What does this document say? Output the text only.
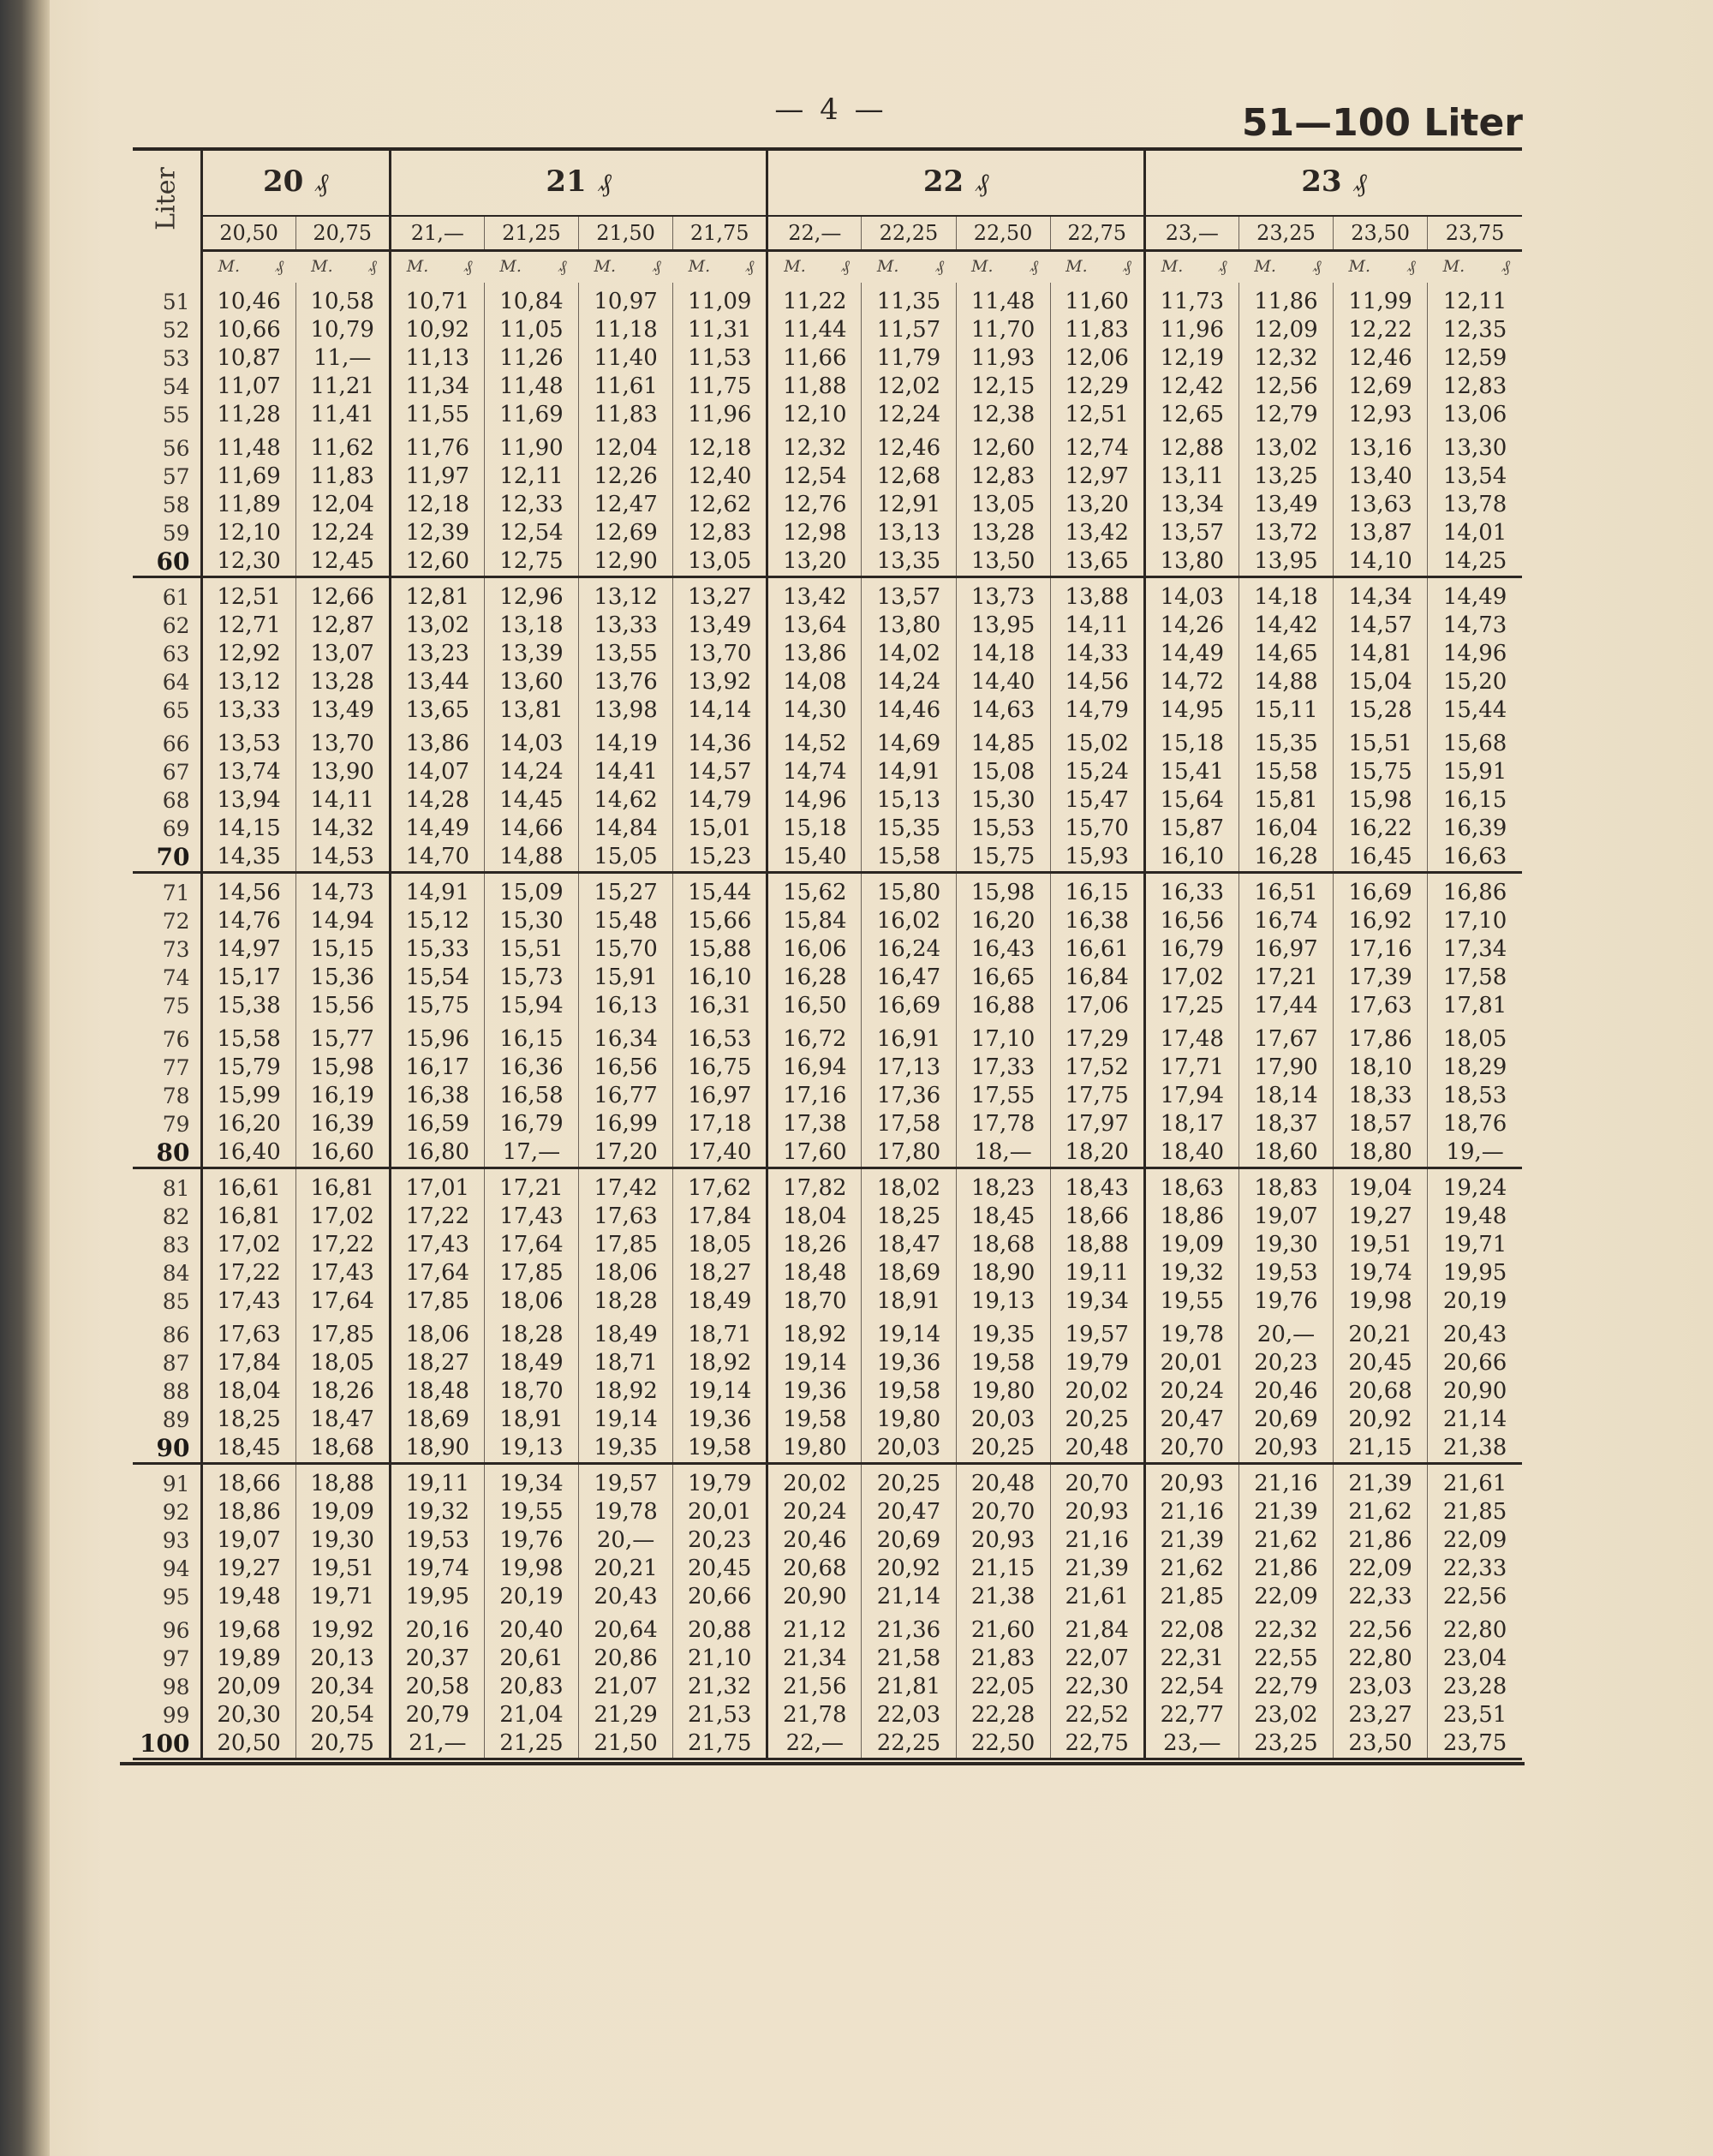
— 4 —	51—100 Liter
Liter	20 ₰		21 ₰				22 ₰				23 ₰			
	20,50	20,75	21,—	21,25	21,50	21,75	22,—	22,25	22,50	22,75	23,—	23,25	23,50	23,75

	M. ₰	M. ₰	M. ₰	M. ₰	M. ₰	M. ₰	M. ₰	M. ₰	M. ₰	M. ₰	M. ₰	M. ₰	M. ₰	M. ₰

51	10,46	10,58	10,71	10,84	10,97	11,09	11,22	11,35	11,48	11,60	11,73	11,86	11,99	12,11
52	10,66	10,79	10,92	11,05	11,18	11,31	11,44	11,57	11,70	11,83	11,96	12,09	12,22	12,35
53	10,87	11,—	11,13	11,26	11,40	11,53	11,66	11,79	11,93	12,06	12,19	12,32	12,46	12,59
54	11,07	11,21	11,34	11,48	11,61	11,75	11,88	12,02	12,15	12,29	12,42	12,56	12,69	12,83
55	11,28	11,41	11,55	11,69	11,83	11,96	12,10	12,24	12,38	12,51	12,65	12,79	12,93	13,06
56	11,48	11,62	11,76	11,90	12,04	12,18	12,32	12,46	12,60	12,74	12,88	13,02	13,16	13,30
57	11,69	11,83	11,97	12,11	12,26	12,40	12,54	12,68	12,83	12,97	13,11	13,25	13,40	13,54
58	11,89	12,04	12,18	12,33	12,47	12,62	12,76	12,91	13,05	13,20	13,34	13,49	13,63	13,78
59	12,10	12,24	12,39	12,54	12,69	12,83	12,98	13,13	13,28	13,42	13,57	13,72	13,87	14,01
60	12,30	12,45	12,60	12,75	12,90	13,05	13,20	13,35	13,50	13,65	13,80	13,95	14,10	14,25
61	12,51	12,66	12,81	12,96	13,12	13,27	13,42	13,57	13,73	13,88	14,03	14,18	14,34	14,49
62	12,71	12,87	13,02	13,18	13,33	13,49	13,64	13,80	13,95	14,11	14,26	14,42	14,57	14,73
63	12,92	13,07	13,23	13,39	13,55	13,70	13,86	14,02	14,18	14,33	14,49	14,65	14,81	14,96
64	13,12	13,28	13,44	13,60	13,76	13,92	14,08	14,24	14,40	14,56	14,72	14,88	15,04	15,20
65	13,33	13,49	13,65	13,81	13,98	14,14	14,30	14,46	14,63	14,79	14,95	15,11	15,28	15,44
66	13,53	13,70	13,86	14,03	14,19	14,36	14,52	14,69	14,85	15,02	15,18	15,35	15,51	15,68
67	13,74	13,90	14,07	14,24	14,41	14,57	14,74	14,91	15,08	15,24	15,41	15,58	15,75	15,91
68	13,94	14,11	14,28	14,45	14,62	14,79	14,96	15,13	15,30	15,47	15,64	15,81	15,98	16,15
69	14,15	14,32	14,49	14,66	14,84	15,01	15,18	15,35	15,53	15,70	15,87	16,04	16,22	16,39
70	14,35	14,53	14,70	14,88	15,05	15,23	15,40	15,58	15,75	15,93	16,10	16,28	16,45	16,63
71	14,56	14,73	14,91	15,09	15,27	15,44	15,62	15,80	15,98	16,15	16,33	16,51	16,69	16,86
72	14,76	14,94	15,12	15,30	15,48	15,66	15,84	16,02	16,20	16,38	16,56	16,74	16,92	17,10
73	14,97	15,15	15,33	15,51	15,70	15,88	16,06	16,24	16,43	16,61	16,79	16,97	17,16	17,34
74	15,17	15,36	15,54	15,73	15,91	16,10	16,28	16,47	16,65	16,84	17,02	17,21	17,39	17,58
75	15,38	15,56	15,75	15,94	16,13	16,31	16,50	16,69	16,88	17,06	17,25	17,44	17,63	17,81
76	15,58	15,77	15,96	16,15	16,34	16,53	16,72	16,91	17,10	17,29	17,48	17,67	17,86	18,05
77	15,79	15,98	16,17	16,36	16,56	16,75	16,94	17,13	17,33	17,52	17,71	17,90	18,10	18,29
78	15,99	16,19	16,38	16,58	16,77	16,97	17,16	17,36	17,55	17,75	17,94	18,14	18,33	18,53
79	16,20	16,39	16,59	16,79	16,99	17,18	17,38	17,58	17,78	17,97	18,17	18,37	18,57	18,76
80	16,40	16,60	16,80	17,—	17,20	17,40	17,60	17,80	18,—	18,20	18,40	18,60	18,80	19,—
81	16,61	16,81	17,01	17,21	17,42	17,62	17,82	18,02	18,23	18,43	18,63	18,83	19,04	19,24
82	16,81	17,02	17,22	17,43	17,63	17,84	18,04	18,25	18,45	18,66	18,86	19,07	19,27	19,48
83	17,02	17,22	17,43	17,64	17,85	18,05	18,26	18,47	18,68	18,88	19,09	19,30	19,51	19,71
84	17,22	17,43	17,64	17,85	18,06	18,27	18,48	18,69	18,90	19,11	19,32	19,53	19,74	19,95
85	17,43	17,64	17,85	18,06	18,28	18,49	18,70	18,91	19,13	19,34	19,55	19,76	19,98	20,19
86	17,63	17,85	18,06	18,28	18,49	18,71	18,92	19,14	19,35	19,57	19,78	20,—	20,21	20,43
87	17,84	18,05	18,27	18,49	18,71	18,92	19,14	19,36	19,58	19,79	20,01	20,23	20,45	20,66
88	18,04	18,26	18,48	18,70	18,92	19,14	19,36	19,58	19,80	20,02	20,24	20,46	20,68	20,90
89	18,25	18,47	18,69	18,91	19,14	19,36	19,58	19,80	20,03	20,25	20,47	20,69	20,92	21,14
90	18,45	18,68	18,90	19,13	19,35	19,58	19,80	20,03	20,25	20,48	20,70	20,93	21,15	21,38
91	18,66	18,88	19,11	19,34	19,57	19,79	20,02	20,25	20,48	20,70	20,93	21,16	21,39	21,61
92	18,86	19,09	19,32	19,55	19,78	20,01	20,24	20,47	20,70	20,93	21,16	21,39	21,62	21,85
93	19,07	19,30	19,53	19,76	20,—	20,23	20,46	20,69	20,93	21,16	21,39	21,62	21,86	22,09
94	19,27	19,51	19,74	19,98	20,21	20,45	20,68	20,92	21,15	21,39	21,62	21,86	22,09	22,33
95	19,48	19,71	19,95	20,19	20,43	20,66	20,90	21,14	21,38	21,61	21,85	22,09	22,33	22,56
96	19,68	19,92	20,16	20,40	20,64	20,88	21,12	21,36	21,60	21,84	22,08	22,32	22,56	22,80
97	19,89	20,13	20,37	20,61	20,86	21,10	21,34	21,58	21,83	22,07	22,31	22,55	22,80	23,04
98	20,09	20,34	20,58	20,83	21,07	21,32	21,56	21,81	22,05	22,30	22,54	22,79	23,03	23,28
99	20,30	20,54	20,79	21,04	21,29	21,53	21,78	22,03	22,28	22,52	22,77	23,02	23,27	23,51
100	20,50	20,75	21,—	21,25	21,50	21,75	22,—	22,25	22,50	22,75	23,—	23,25	23,50	23,75
